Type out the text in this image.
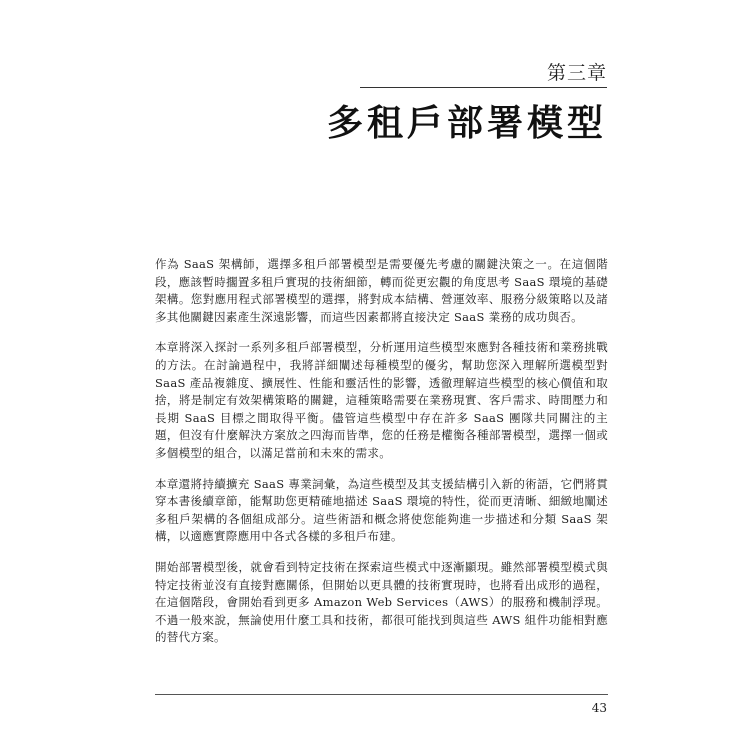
第三章
多租戶部署模型

作為 SaaS 架構師，選擇多租戶部署模型是需要優先考慮的關鍵決策之一。在這個階段，應該暫時擱置多租戶實現的技術細節，轉而從更宏觀的角度思考 SaaS 環境的基礎架構。您對應用程式部署模型的選擇，將對成本結構、營運效率、服務分級策略以及諸多其他關鍵因素產生深遠影響，而這些因素都將直接決定 SaaS 業務的成功與否。

本章將深入探討一系列多租戶部署模型，分析運用這些模型來應對各種技術和業務挑戰的方法。在討論過程中，我將詳細闡述每種模型的優劣，幫助您深入理解所選模型對 SaaS 產品複雜度、擴展性、性能和靈活性的影響，透徹理解這些模型的核心價值和取捨，將是制定有效架構策略的關鍵，這種策略需要在業務現實、客戶需求、時間壓力和長期 SaaS 目標之間取得平衡。儘管這些模型中存在許多 SaaS 團隊共同關注的主題，但沒有什麼解決方案放之四海而皆準，您的任務是權衡各種部署模型，選擇一個或多個模型的組合，以滿足當前和未來的需求。

本章還將持續擴充 SaaS 專業詞彙，為這些模型及其支援結構引入新的術語，它們將貫穿本書後續章節，能幫助您更精確地描述 SaaS 環境的特性，從而更清晰、細緻地闡述多租戶架構的各個組成部分。這些術語和概念將使您能夠進一步描述和分類 SaaS 架構，以適應實際應用中各式各樣的多租戶布建。

開始部署模型後，就會看到特定技術在探索這些模式中逐漸顯現。雖然部署模型模式與特定技術並沒有直接對應關係，但開始以更具體的技術實現時，也將看出成形的過程，在這個階段，會開始看到更多 Amazon Web Services（AWS）的服務和機制浮現。不過一般來說，無論使用什麼工具和技術，都很可能找到與這些 AWS 組件功能相對應的替代方案。

43
